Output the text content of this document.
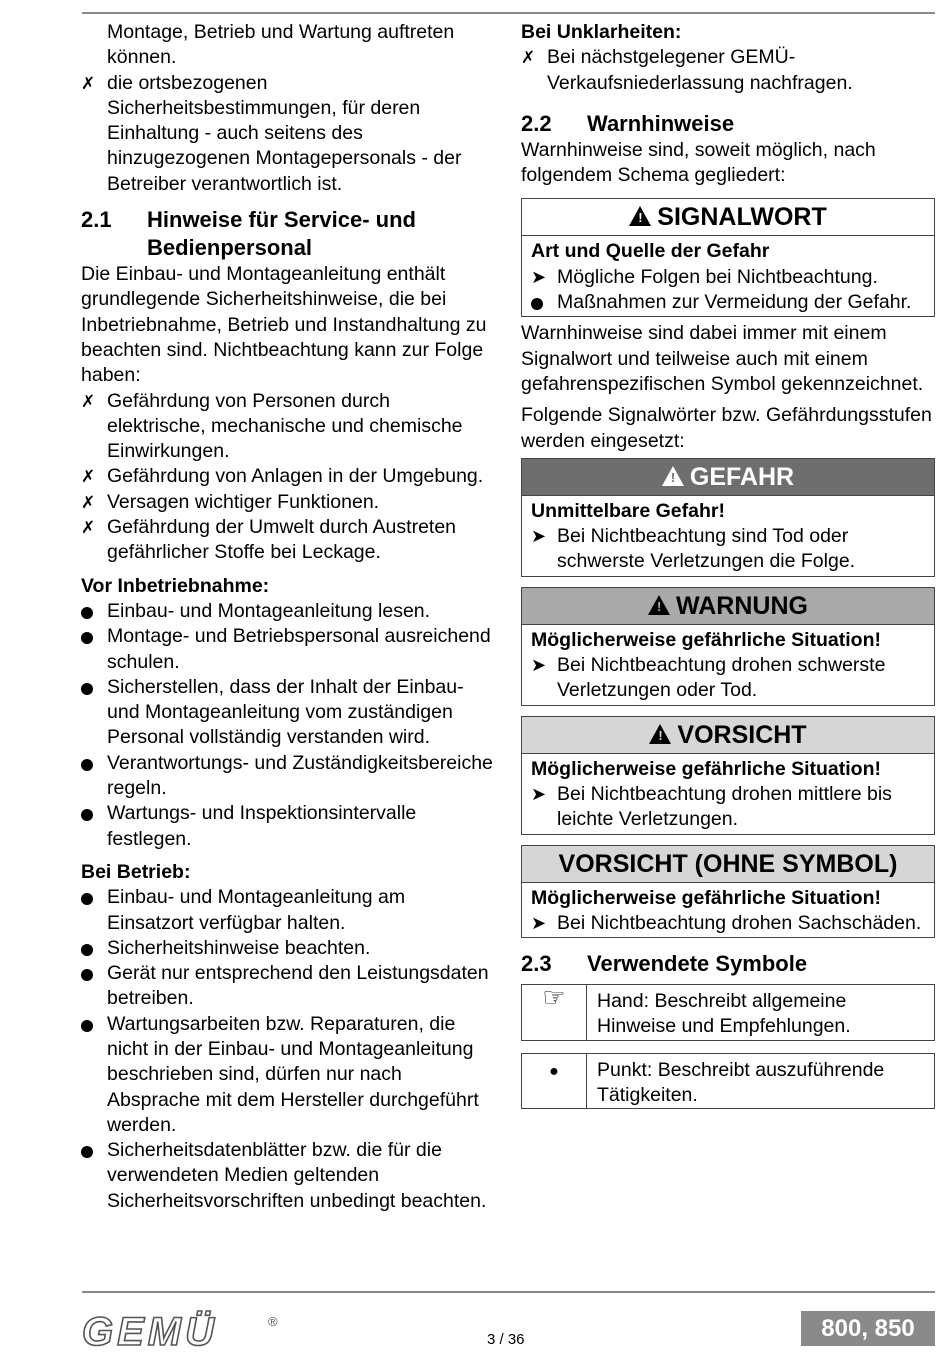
Montage, Betrieb und Wartung auftreten können.

✗ die ortsbezogenen Sicherheitsbestimmungen, für deren Einhaltung - auch seitens des hinzugezogenen Montagepersonals - der Betreiber verantwortlich ist.
2.1 Hinweise für Service- und Bedienpersonal

Die Einbau- und Montageanleitung enthält grundlegende Sicherheitshinweise, die bei Inbetriebnahme, Betrieb und Instandhaltung zu beachten sind. Nichtbeachtung kann zur Folge haben:

✗ Gefährdung von Personen durch elektrische, mechanische und chemische Einwirkungen.
✗ Gefährdung von Anlagen in der Umgebung.
✗ Versagen wichtiger Funktionen.
✗ Gefährdung der Umwelt durch Austreten gefährlicher Stoffe bei Leckage.

Vor Inbetriebnahme:

Einbau- und Montageanleitung lesen.
Montage- und Betriebspersonal ausreichend schulen.
Sicherstellen, dass der Inhalt der Einbau- und Montageanleitung vom zuständigen Personal vollständig verstanden wird.
Verantwortungs- und Zuständigkeitsbereiche regeln.
Wartungs- und Inspektionsintervalle festlegen.

Bei Betrieb:

Einbau- und Montageanleitung am Einsatzort verfügbar halten.
Sicherheitshinweise beachten.
Gerät nur entsprechend den Leistungsdaten betreiben.
Wartungsarbeiten bzw. Reparaturen, die nicht in der Einbau- und Montageanleitung beschrieben sind, dürfen nur nach Absprache mit dem Hersteller durchgeführt werden.
Sicherheitsdatenblätter bzw. die für die verwendeten Medien geltenden Sicherheitsvorschriften unbedingt beachten.

Bei Unklarheiten:

✗ Bei nächstgelegener GEMÜ-Verkaufsniederlassung nachfragen.
2.2 Warnhinweise

Warnhinweise sind, soweit möglich, nach folgendem Schema gegliedert:

! SIGNALWORT

Art und Quelle der Gefahr

➤ Mögliche Folgen bei Nichtbeachtung.
Maßnahmen zur Vermeidung der Gefahr.

Warnhinweise sind dabei immer mit einem Signalwort und teilweise auch mit einem gefahrenspezifischen Symbol gekennzeichnet.

Folgende Signalwörter bzw. Gefährdungsstufen werden eingesetzt:

! GEFAHR

Unmittelbare Gefahr!

➤ Bei Nichtbeachtung sind Tod oder schwerste Verletzungen die Folge.
! WARNUNG

Möglicherweise gefährliche Situation!

➤ Bei Nichtbeachtung drohen schwerste Verletzungen oder Tod.
! VORSICHT

Möglicherweise gefährliche Situation!

➤ Bei Nichtbeachtung drohen mittlere bis leichte Verletzungen.
VORSICHT (OHNE SYMBOL)

Möglicherweise gefährliche Situation!

➤ Bei Nichtbeachtung drohen Sachschäden.
2.3 Verwendete Symbole
☞	Hand: Beschreibt allgemeine Hinweise und Empfehlungen.
●	Punkt: Beschreibt auszuführende Tätigkeiten.
GEMÜ	®
3 / 36	800, 850
